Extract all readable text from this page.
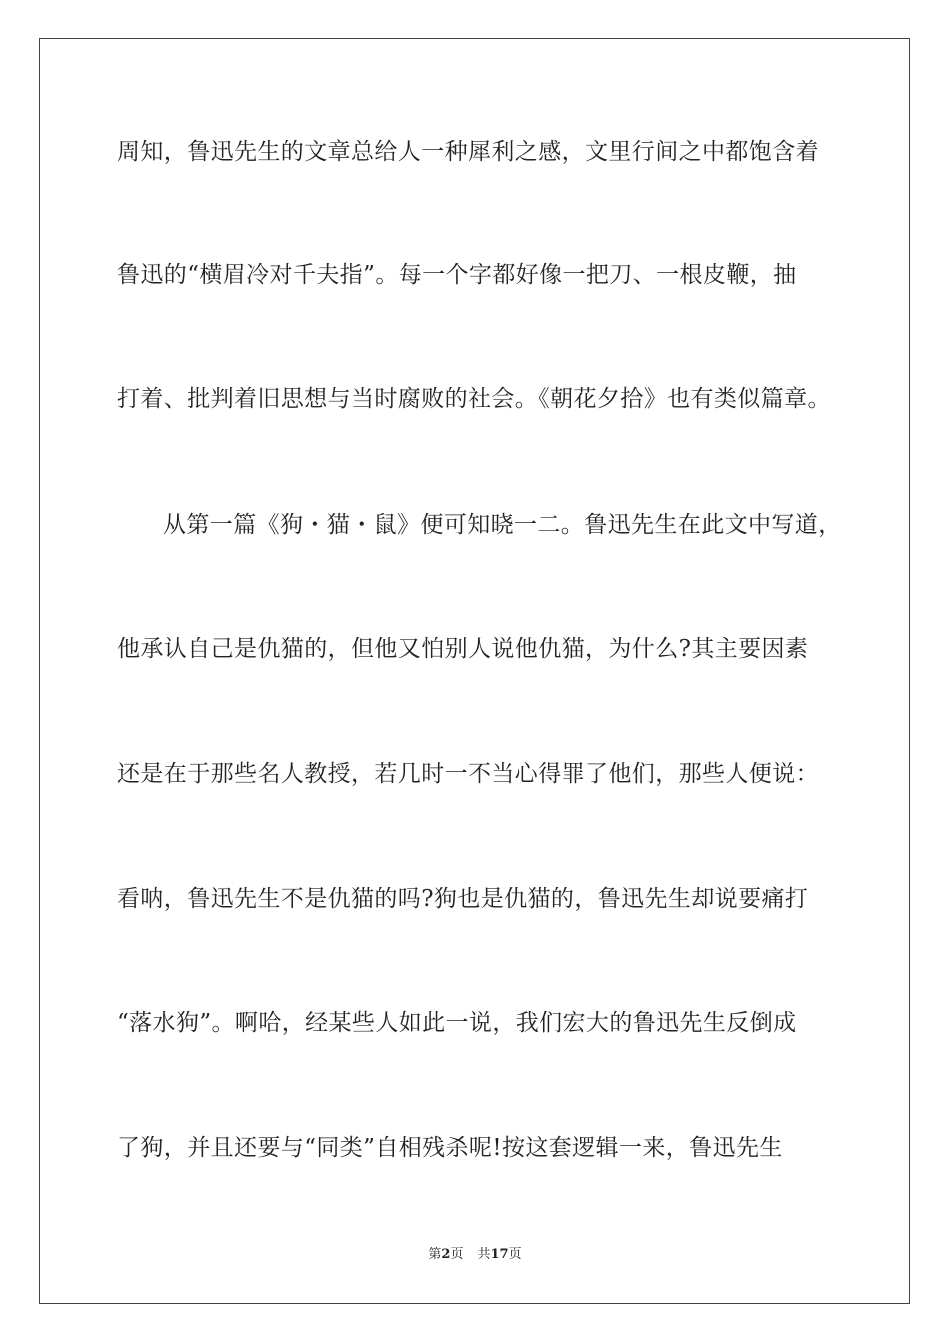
周知，鲁迅先生的文章总给人一种犀利之感，文里行间之中都饱含着
鲁迅的“横眉冷对千夫指”。每一个字都好像一把刀、一根皮鞭，抽
打着、批判着旧思想与当时腐败的社会。《朝花夕拾》也有类似篇章。
从第一篇《狗・猫・鼠》便可知晓一二。鲁迅先生在此文中写道，
他承认自己是仇猫的，但他又怕别人说他仇猫，为什么?其主要因素
还是在于那些名人教授，若几时一不当心得罪了他们，那些人便说：
看呐，鲁迅先生不是仇猫的吗?狗也是仇猫的，鲁迅先生却说要痛打
“落水狗”。啊哈，经某些人如此一说，我们宏大的鲁迅先生反倒成
了狗，并且还要与“同类”自相残杀呢!按这套逻辑一来，鲁迅先生
第2页 共17页
